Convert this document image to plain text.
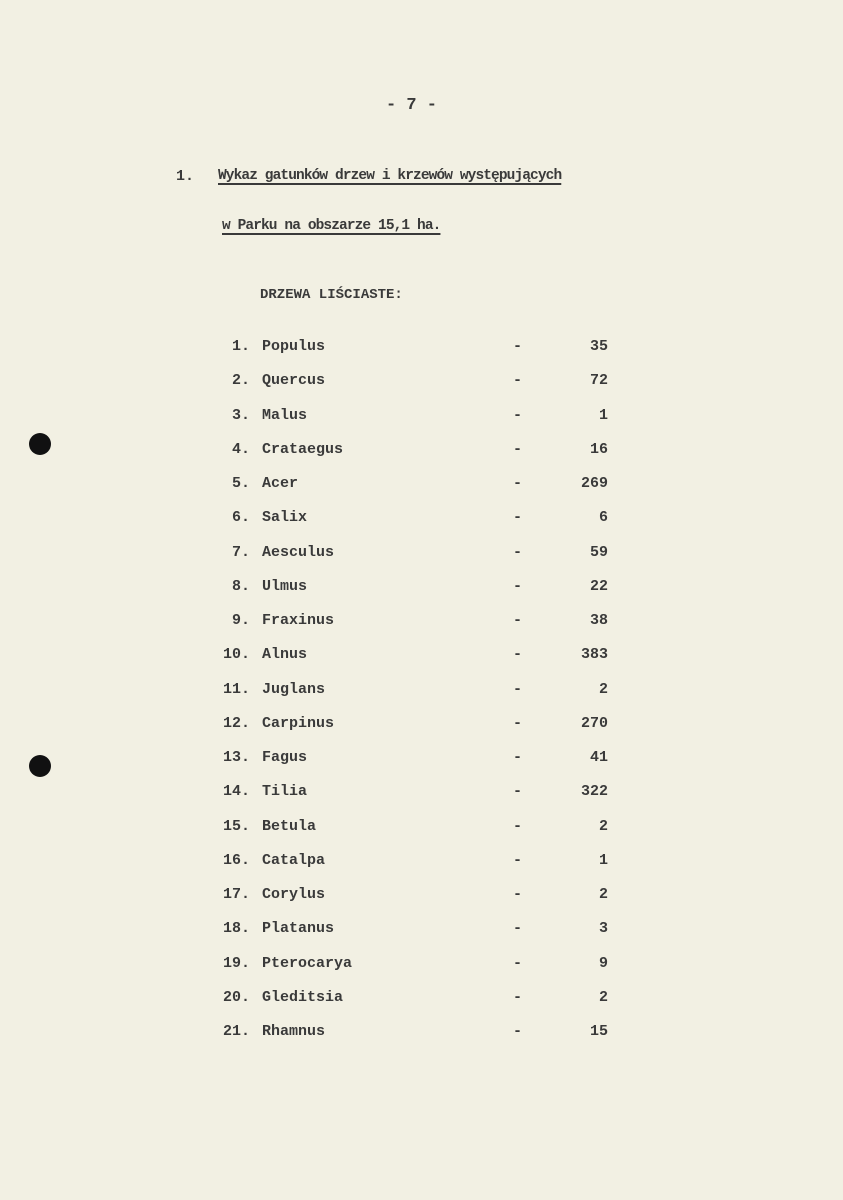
- 7 -
1. Wykaz gatunków drzew i krzewów występujących
w Parku na obszarze 15,1 ha.
DRZEWA LIŚCIASTE:
1. Populus	-	35
2. Quercus	-	72
3. Malus	-	1
4. Crataegus	-	16
5. Acer	-	269
6. Salix	-	6
7. Aesculus	-	59
8. Ulmus	-	22
9. Fraxinus	-	38
10. Alnus	-	383
11. Juglans	-	2
12. Carpinus	-	270
13. Fagus	-	41
14. Tilia	-	322
15. Betula	-	2
16. Catalpa	-	1
17. Corylus	-	2
18. Platanus	-	3
19. Pterocarya	-	9
20. Gleditsia	-	2
21. Rhamnus	-	15
